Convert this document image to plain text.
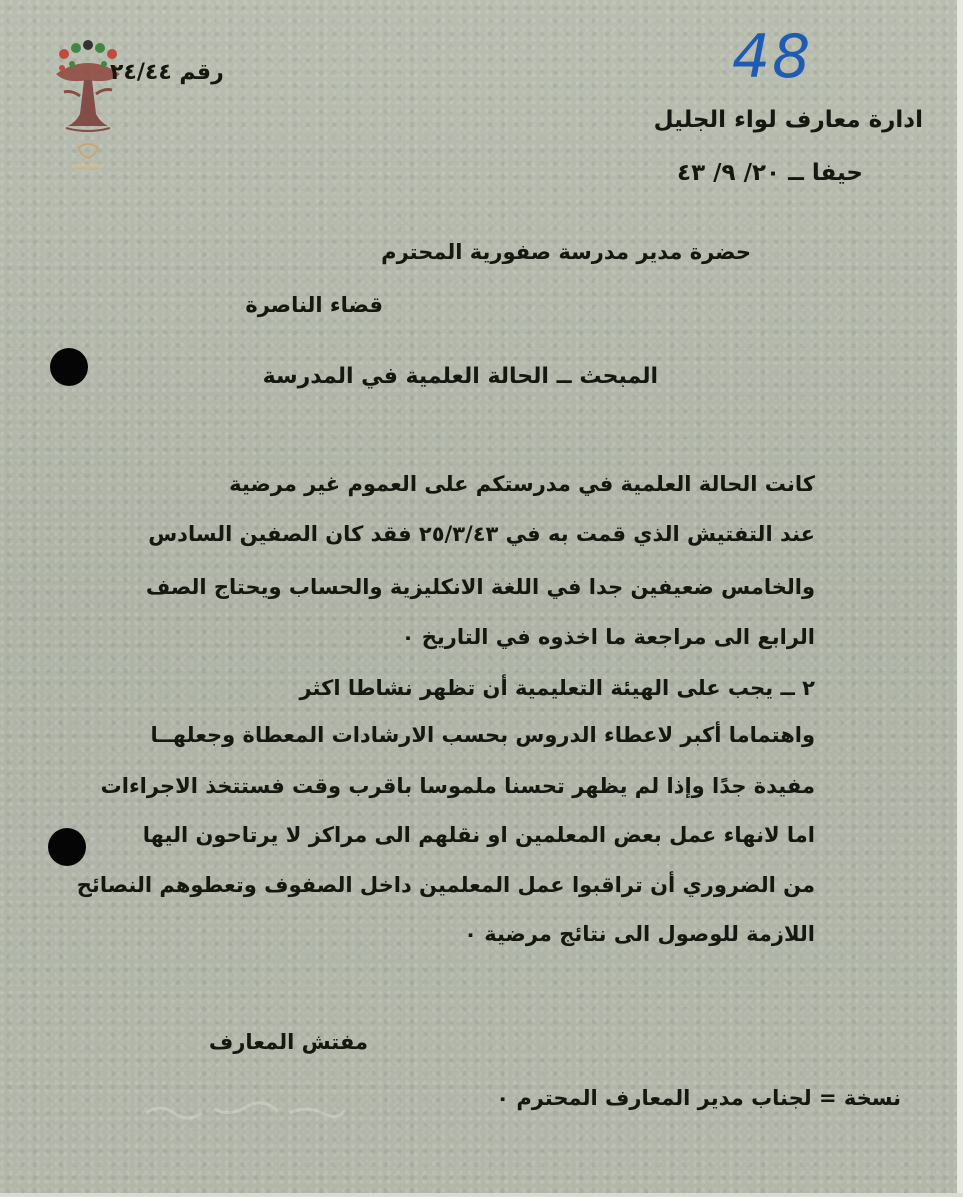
رقم ٢٤/٤٤	48
ادارة معارف لواء الجليل
حيفا ــ ٢٠/ ٩/ ٤٣
حضرة مدير مدرسة صفورية المحترم
قضاء الناصرة
المبحث ــ الحالة العلمية في المدرسة
كانت الحالة العلمية في مدرستكم على العموم غير مرضية
عند التفتيش الذي قمت به في ٢٥/٣/٤٣ فقد كان الصفين السادس
والخامس ضعيفين جدا في اللغة الانكليزية والحساب ويحتاج الصف
الرابع الى مراجعة ما اخذوه في التاريخ ٠
٢ ــ يجب على الهيئة التعليمية أن تظهر نشاطا اكثر
واهتماما أكبر لاعطاء الدروس بحسب الارشادات المعطاة وجعلهــا
مفيدة جدًا وإذا لم يظهر تحسنا ملموسا باقرب وقت فستتخذ الاجراءات
اما لانهاء عمل بعض المعلمين او نقلهم الى مراكز لا يرتاحون اليها
من الضروري أن تراقبوا عمل المعلمين داخل الصفوف وتعطوهم النصائح
اللازمة للوصول الى نتائج مرضية ٠
مفتش المعارف
نسخة = لجناب مدير المعارف المحترم ٠
